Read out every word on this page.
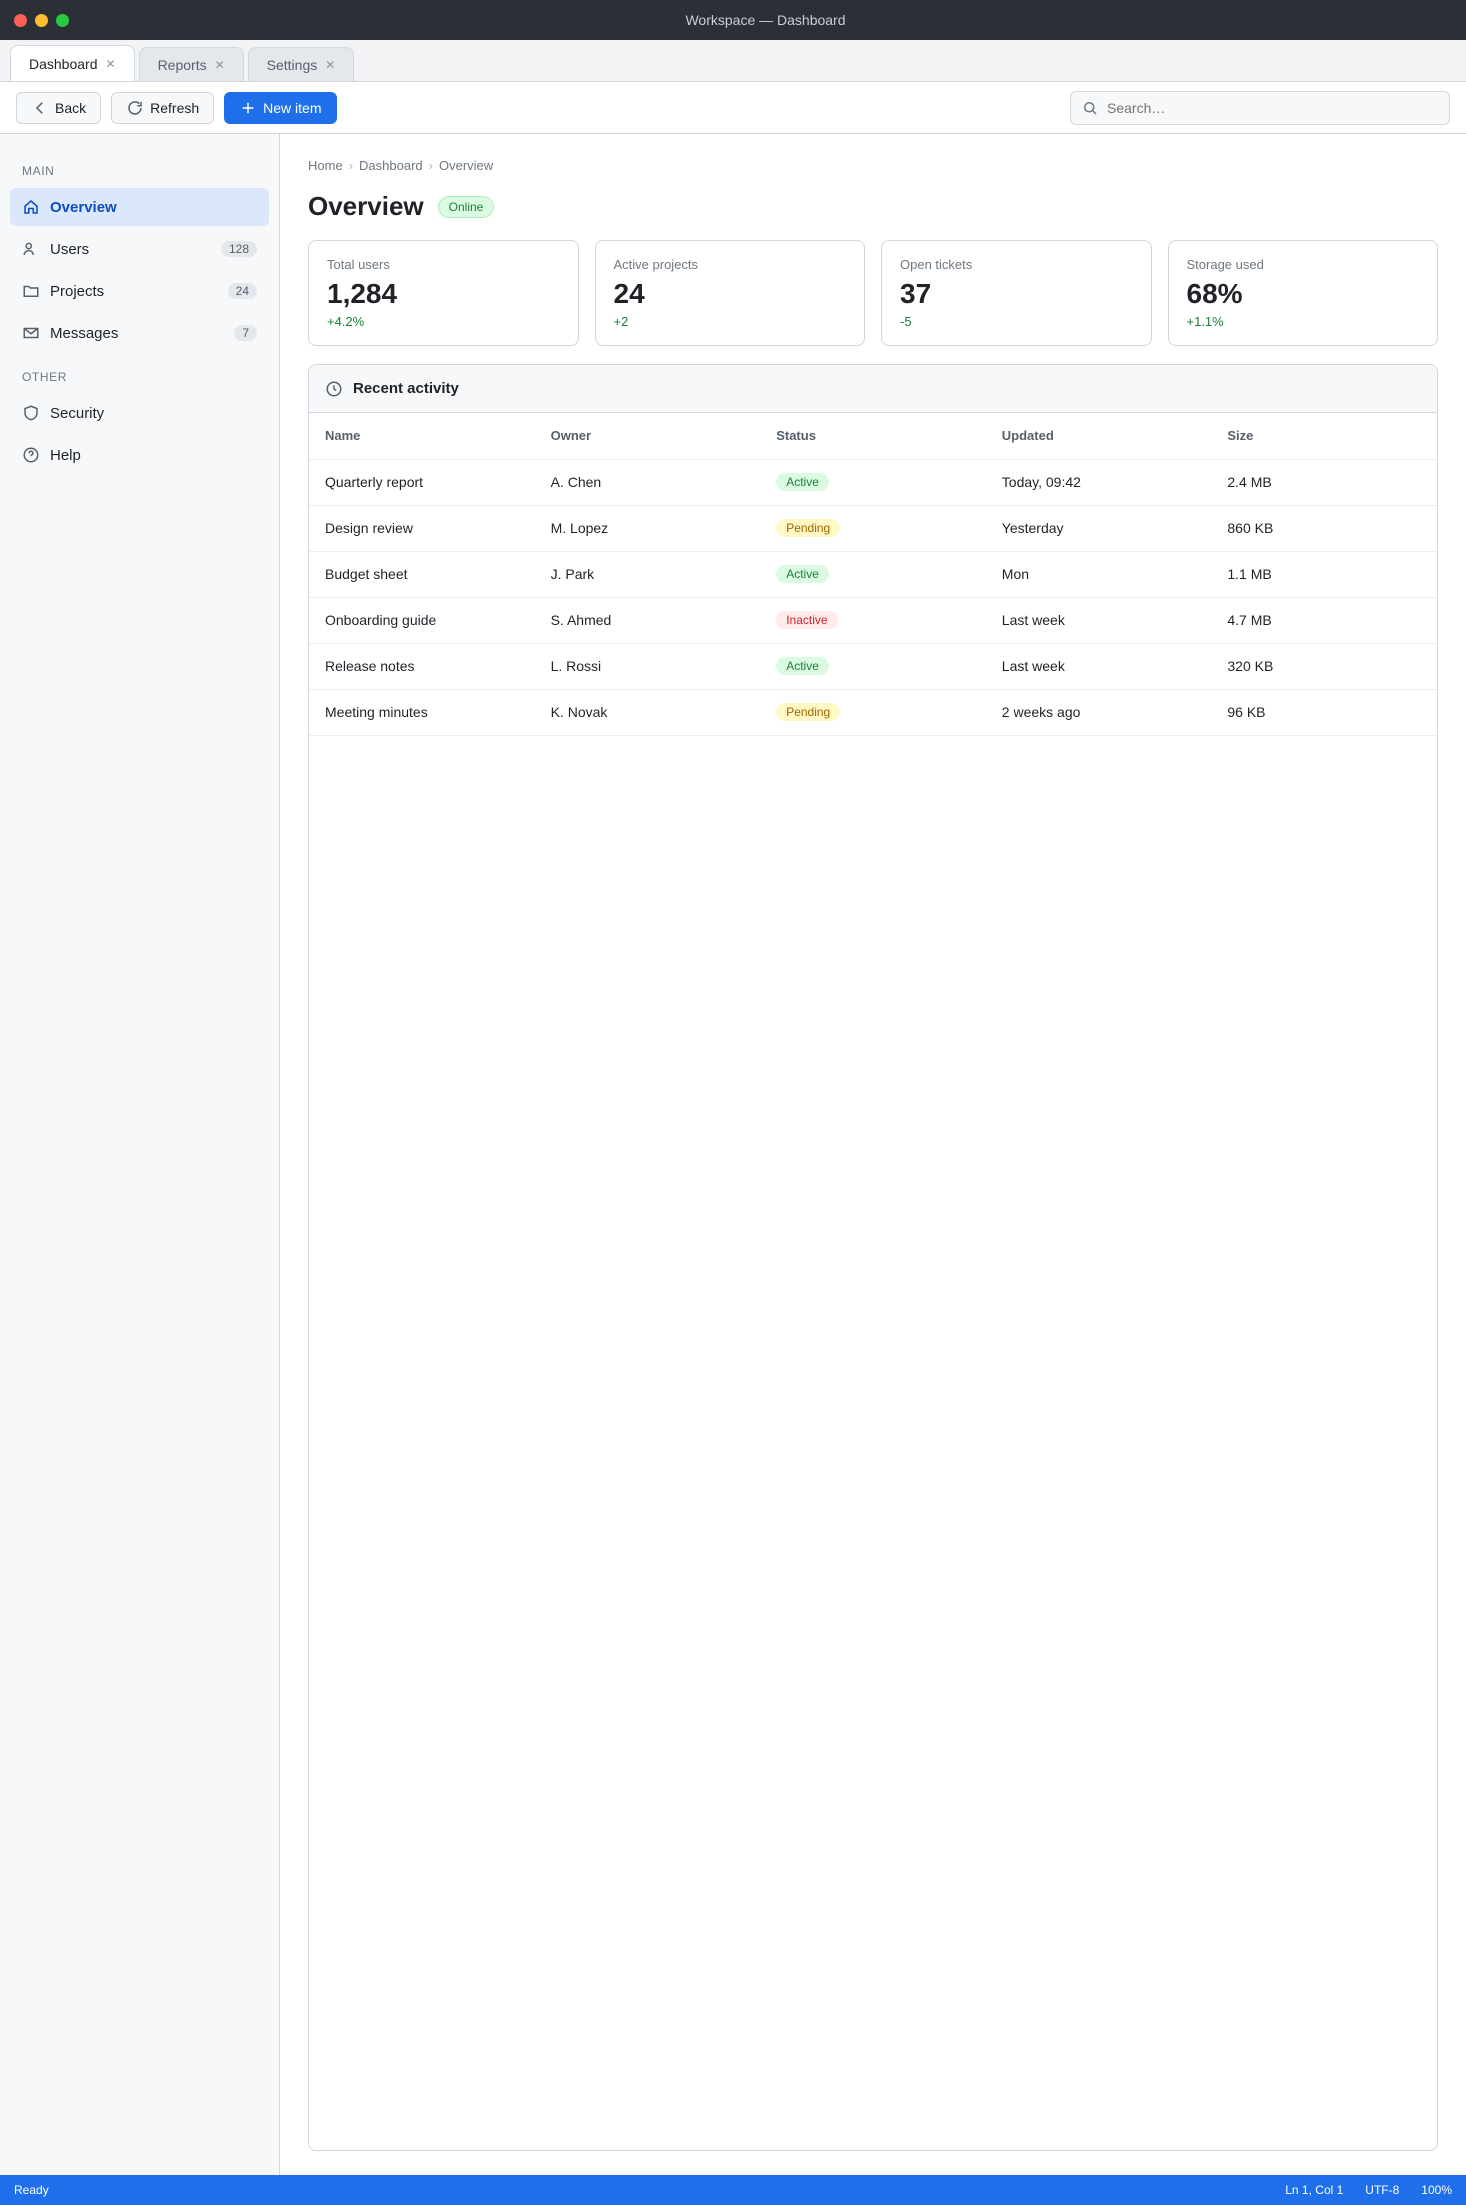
Workspace — Dashboard
Dashboard ✕	Reports ✕	Settings ✕
Back	Refresh	New item
Search…
MAIN
Overview
Users	128
Projects	24
Messages	7
OTHER
Security
Help
Home › Dashboard › Overview
Overview	Online
Total users
1,284
+4.2%
Active projects
24
+2
Open tickets
37
-5
Storage used
68%
+1.1%
Recent activity
Name	Owner	Status	Updated	Size
Quarterly report	A. Chen	Active	Today, 09:42	2.4 MB
Design review	M. Lopez	Pending	Yesterday	860 KB
Budget sheet	J. Park	Active	Mon	1.1 MB
Onboarding guide	S. Ahmed	Inactive	Last week	4.7 MB
Release notes	L. Rossi	Active	Last week	320 KB
Meeting minutes	K. Novak	Pending	2 weeks ago	96 KB
Ready	Ln 1, Col 1 UTF-8 100%
